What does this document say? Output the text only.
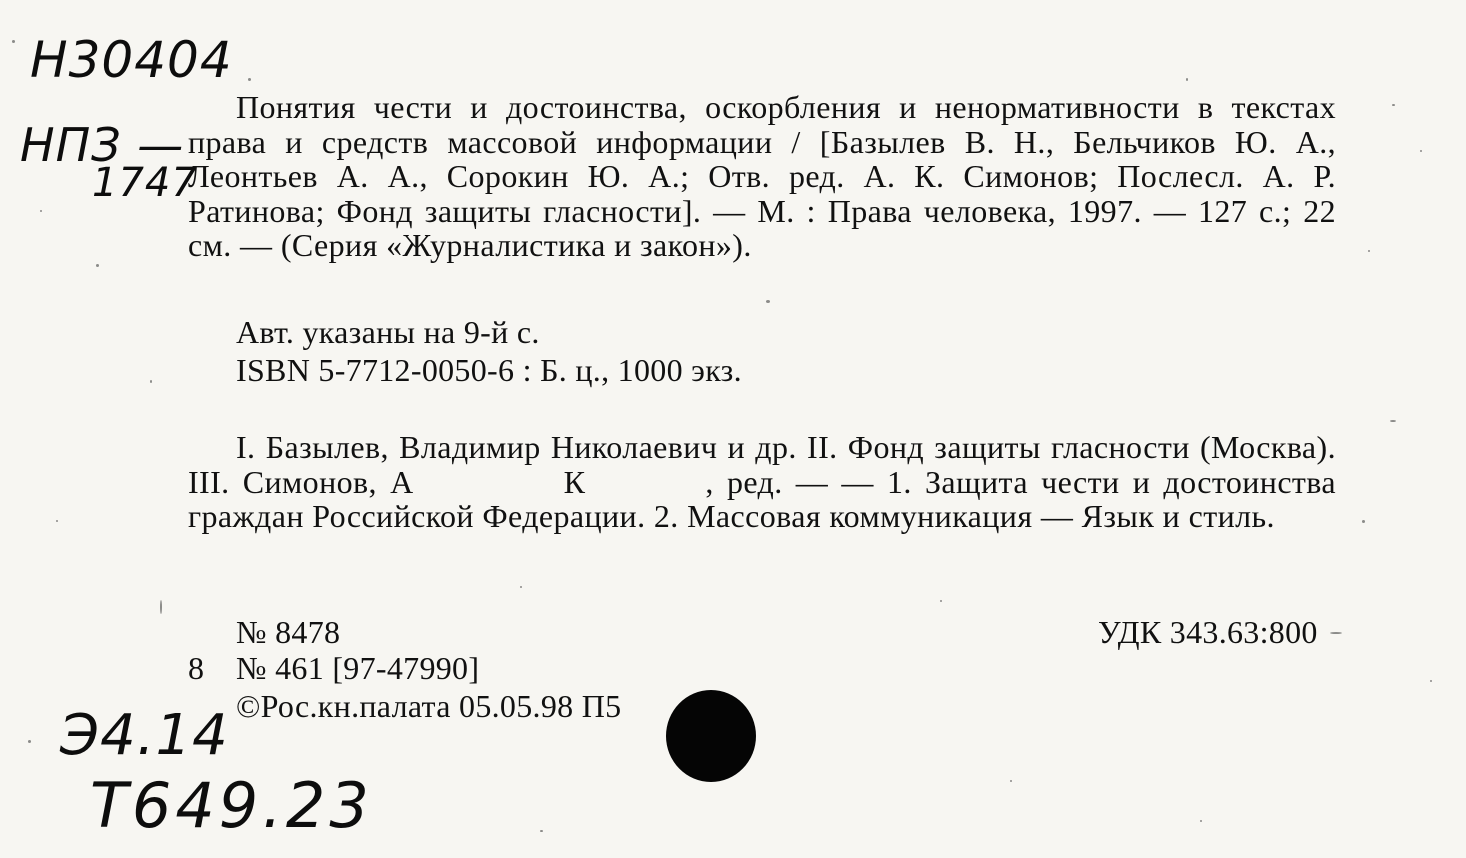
Н30404
НПЗ —
1747
Э4.14
Т649.23
Понятия чести и достоинства, оскорбления и ненормативности в текстах права и средств массовой информации / [Базылев В. Н., Бельчиков Ю. А., Леонтьев А. А., Сорокин Ю. А.; Отв. ред. А. К. Симонов; Послесл. А. Р. Ратинова; Фонд защиты гласности]. — М. : Права человека, 1997. — 127 с.; 22 см. — (Серия «Журналистика и закон»).
Авт. указаны на 9-й с.
ISBN 5-7712-0050-6 : Б. ц., 1000 экз.
I. Базылев, Владимир Николаевич и др. II. Фонд защиты гласности (Москва). III. Симонов, А	К	, ред. — — 1. Защита чести и достоинства граждан Российской Федерации. 2. Массовая коммуникация — Язык и стиль.
№ 8478	УДК 343.63:800
8 № 461 [97-47990]
©Рос.кн.палата 05.05.98 П5
